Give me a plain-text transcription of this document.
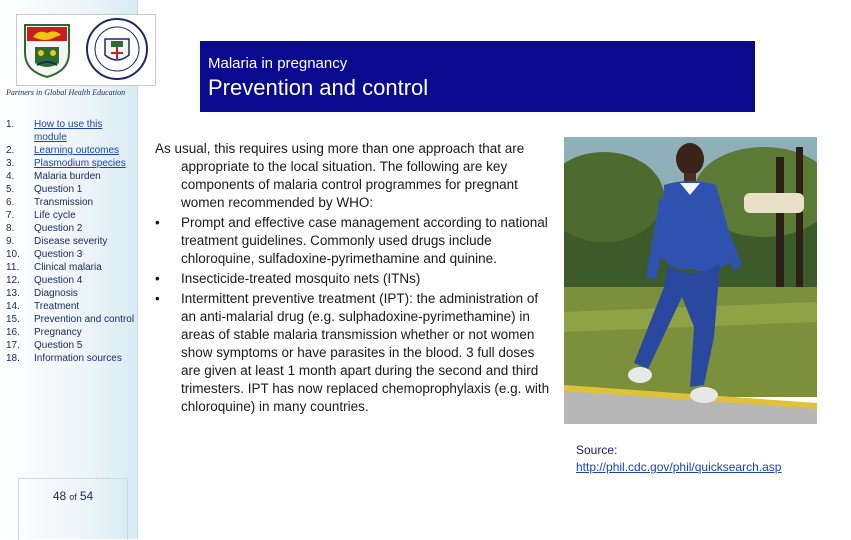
Partners in Global Health Education
1.	How to use this module
2.	Learning outcomes
3.	Plasmodium species
4.	Malaria burden
5.	Question 1
6.	Transmission
7.	Life cycle
8.	Question 2
9.	Disease severity
10.	Question 3
11.	Clinical malaria
12.	Question 4
13.	Diagnosis
14.	Treatment
15.	Prevention and control
16.	Pregnancy
17.	Question 5
18.	Information sources
48 of 54
Malaria in pregnancy
Prevention and control

As usual, this requires using more than one approach that are appropriate to the local situation. The following are key components of malaria control programmes for pregnant women recommended by WHO:

• Prompt and effective case management according to national treatment guidelines. Commonly used drugs include chloroquine, sulfadoxine-pyrimethamine and quinine.
• Insecticide-treated mosquito nets (ITNs)
• Intermittent preventive treatment (IPT): the administration of an anti-malarial drug (e.g. sulphadoxine-pyrimethamine) in areas of stable malaria transmission whether or not women show symptoms or have parasites in the blood. 3 full doses are given at least 1 month apart during the second and third trimesters. IPT has now replaced chemoprophylaxis (e.g. with chloroquine) in many countries.
Source:
http://phil.cdc.gov/phil/quicksearch.asp
